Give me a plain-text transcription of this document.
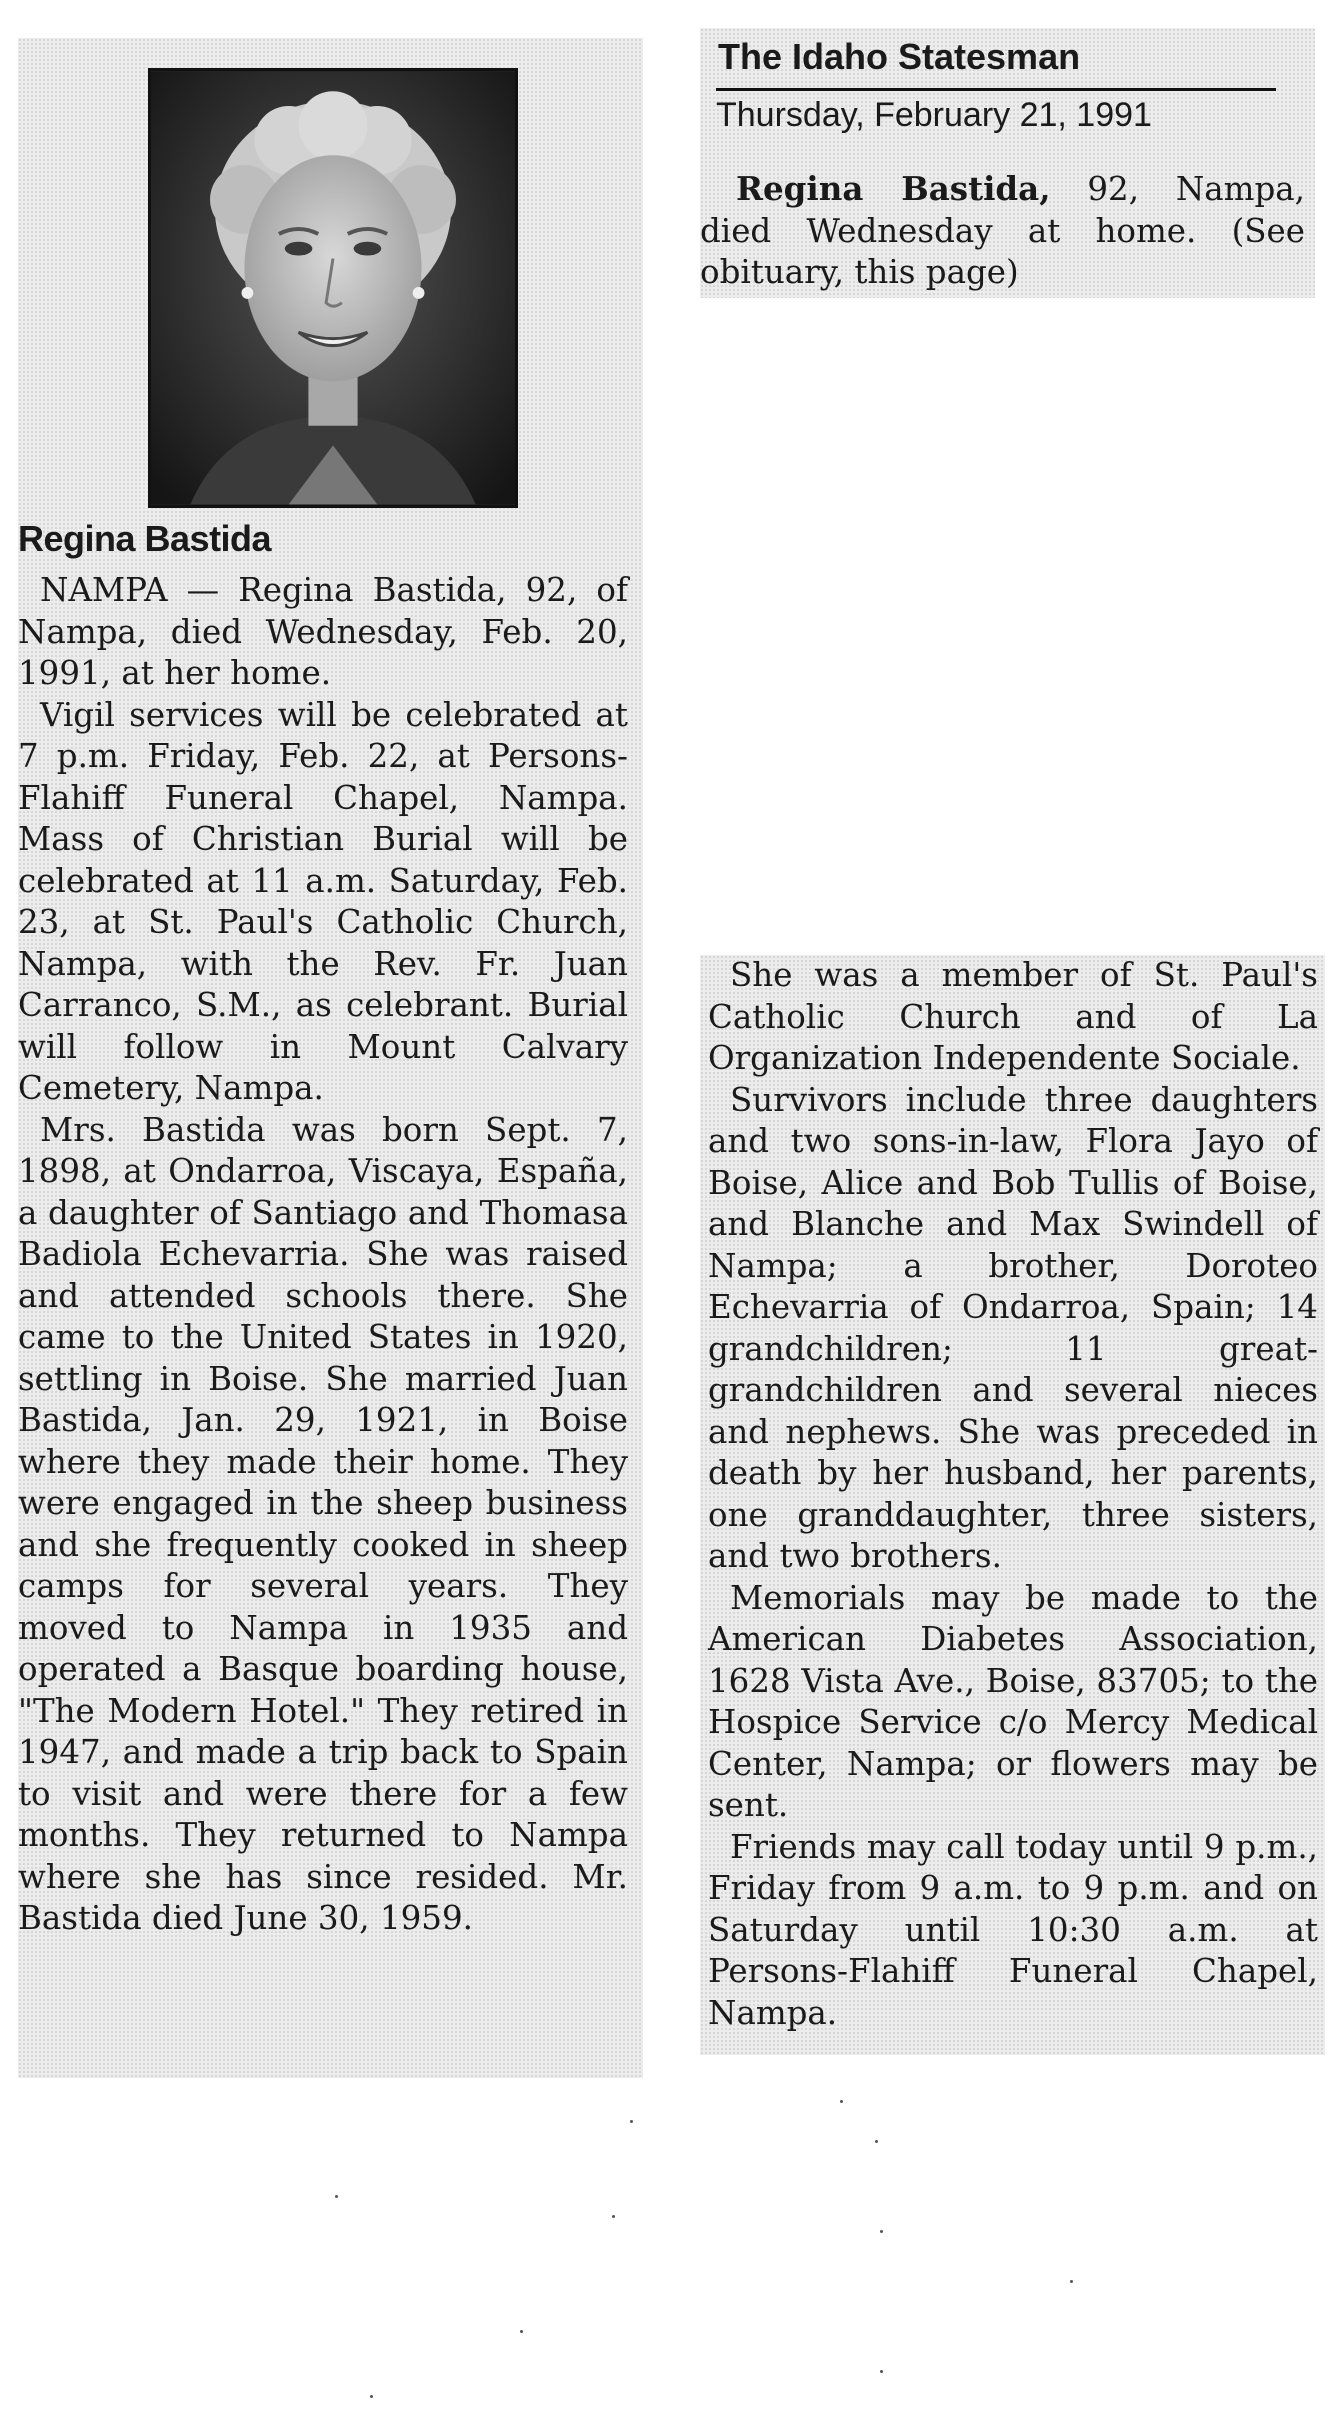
Regina Bastida

NAMPA — Regina Bastida, 92, of Nampa, died Wednesday, Feb. 20, 1991, at her home.

Vigil services will be celebrated at 7 p.m. Friday, Feb. 22, at Persons-Flahiff Funeral Chapel, Nampa. Mass of Christian Burial will be celebrated at 11 a.m. Saturday, Feb. 23, at St. Paul's Catholic Church, Nampa, with the Rev. Fr. Juan Carranco, S.M., as celebrant. Burial will follow in Mount Calvary Cemetery, Nampa.

Mrs. Bastida was born Sept. 7, 1898, at Ondarroa, Viscaya, España, a daughter of Santiago and Thomasa Badiola Echevarria. She was raised and attended schools there. She came to the United States in 1920, settling in Boise. She married Juan Bastida, Jan. 29, 1921, in Boise where they made their home. They were engaged in the sheep business and she frequently cooked in sheep camps for several years. They moved to Nampa in 1935 and operated a Basque boarding house, "The Modern Hotel." They retired in 1947, and made a trip back to Spain to visit and were there for a few months. They returned to Nampa where she has since resided. Mr. Bastida died June 30, 1959.

The Idaho Statesman

Thursday, February 21, 1991

Regina Bastida, 92, Nampa, died Wednesday at home. (See obituary, this page)

She was a member of St. Paul's Catholic Church and of La Organization Independente Sociale.

Survivors include three daughters and two sons-in-law, Flora Jayo of Boise, Alice and Bob Tullis of Boise, and Blanche and Max Swindell of Nampa; a brother, Doroteo Echevarria of Ondarroa, Spain; 14 grandchildren; 11 great-grandchildren and several nieces and nephews. She was preceded in death by her husband, her parents, one granddaughter, three sisters, and two brothers.

Memorials may be made to the American Diabetes Association, 1628 Vista Ave., Boise, 83705; to the Hospice Service c/o Mercy Medical Center, Nampa; or flowers may be sent.

Friends may call today until 9 p.m., Friday from 9 a.m. to 9 p.m. and on Saturday until 10:30 a.m. at Persons-Flahiff Funeral Chapel, Nampa.
